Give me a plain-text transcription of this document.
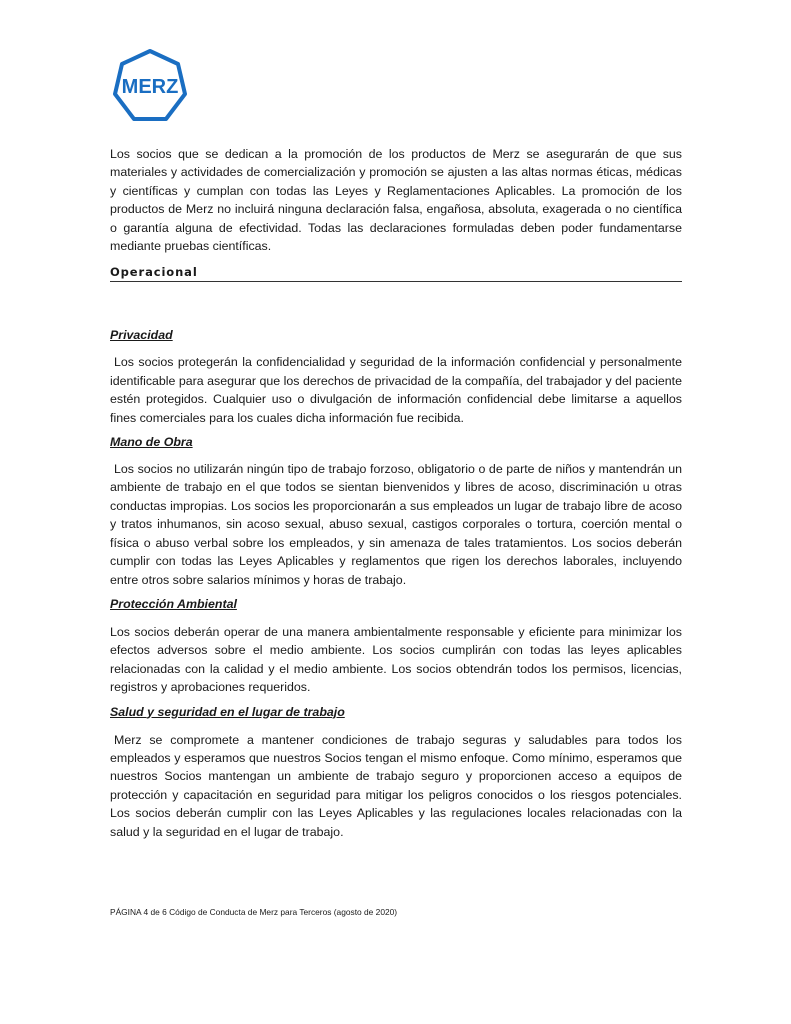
MERZ

Los socios que se dedican a la promoción de los productos de Merz se asegurarán de que sus materiales y actividades de comercialización y promoción se ajusten a las altas normas éticas, médicas y científicas y cumplan con todas las Leyes y Reglamentaciones Aplicables. La promoción de los productos de Merz no incluirá ninguna declaración falsa, engañosa, absoluta, exagerada o no científica o garantía alguna de efectividad. Todas las declaraciones formuladas deben poder fundamentarse mediante pruebas científicas.

Operacional

Privacidad

Los socios protegerán la confidencialidad y seguridad de la información confidencial y personalmente identificable para asegurar que los derechos de privacidad de la compañía, del trabajador y del paciente estén protegidos. Cualquier uso o divulgación de información confidencial debe limitarse a aquellos fines comerciales para los cuales dicha información fue recibida.

Mano de Obra

Los socios no utilizarán ningún tipo de trabajo forzoso, obligatorio o de parte de niños y mantendrán un ambiente de trabajo en el que todos se sientan bienvenidos y libres de acoso, discriminación u otras conductas impropias. Los socios les proporcionarán a sus empleados un lugar de trabajo libre de acoso y tratos inhumanos, sin acoso sexual, abuso sexual, castigos corporales o tortura, coerción mental o física o abuso verbal sobre los empleados, y sin amenaza de tales tratamientos. Los socios deberán cumplir con todas las Leyes Aplicables y reglamentos que rigen los derechos laborales, incluyendo entre otros sobre salarios mínimos y horas de trabajo.

Protección Ambiental

Los socios deberán operar de una manera ambientalmente responsable y eficiente para minimizar los efectos adversos sobre el medio ambiente. Los socios cumplirán con todas las leyes aplicables relacionadas con la calidad y el medio ambiente. Los socios obtendrán todos los permisos, licencias, registros y aprobaciones requeridos.

Salud y seguridad en el lugar de trabajo

Merz se compromete a mantener condiciones de trabajo seguras y saludables para todos los empleados y esperamos que nuestros Socios tengan el mismo enfoque. Como mínimo, esperamos que nuestros Socios mantengan un ambiente de trabajo seguro y proporcionen acceso a equipos de protección y capacitación en seguridad para mitigar los peligros conocidos o los riesgos potenciales. Los socios deberán cumplir con las Leyes Aplicables y las regulaciones locales relacionadas con la salud y la seguridad en el lugar de trabajo.

PÁGINA 4 de 6 Código de Conducta de Merz para Terceros (agosto de 2020)
